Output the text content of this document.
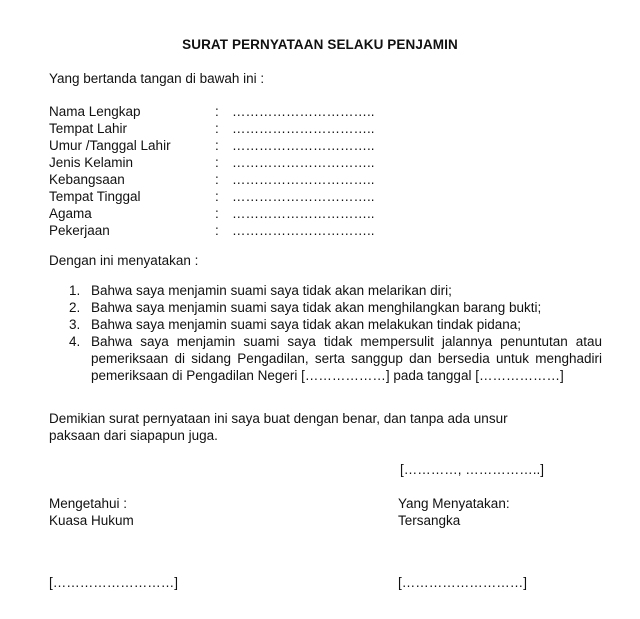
SURAT PERNYATAAN SELAKU PENJAMIN
Yang bertanda tangan di bawah ini :
Nama Lengkap	: …………………………..
Tempat Lahir	: …………………………..
Umur /Tanggal Lahir	: …………………………..
Jenis Kelamin	: …………………………..
Kebangsaan	: …………………………..
Tempat Tinggal	: …………………………..
Agama	: …………………………..
Pekerjaan	: …………………………..
Dengan ini menyatakan :
1. Bahwa saya menjamin suami saya tidak akan melarikan diri;
2. Bahwa saya menjamin suami saya tidak akan menghilangkan barang bukti;
3. Bahwa saya menjamin suami saya tidak akan melakukan tindak pidana;
4. Bahwa saya menjamin suami saya tidak mempersulit jalannya penuntutan atau pemeriksaan di sidang Pengadilan, serta sanggup dan bersedia untuk menghadiri pemeriksaan di Pengadilan Negeri [………………] pada tanggal [………………]
Demikian surat pernyataan ini saya buat dengan benar, dan tanpa ada unsur paksaan dari siapapun juga.
[…………, ……………..]
Mengetahui :
Kuasa Hukum
Yang Menyatakan:
Tersangka
[………………………]	[………………………]
